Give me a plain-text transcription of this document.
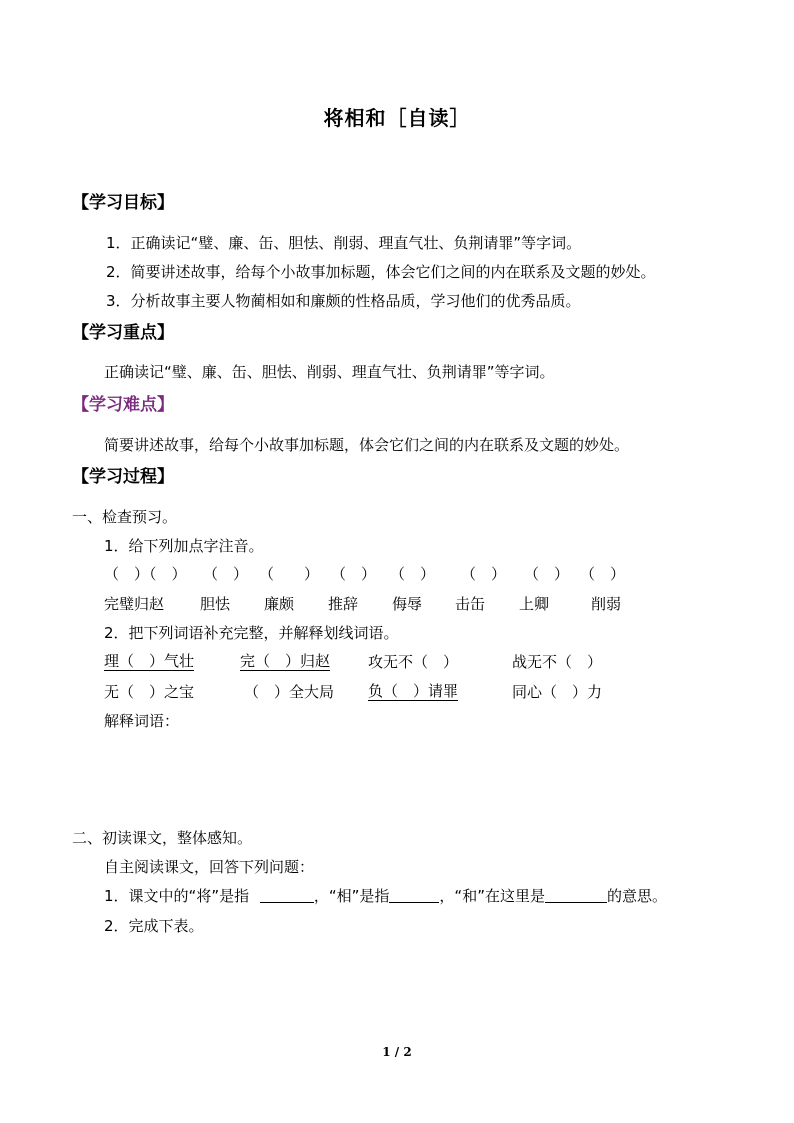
将相和［自读］
【学习目标】
1．正确读记“璧、廉、缶、胆怯、削弱、理直气壮、负荆请罪”等字词。
2．简要讲述故事，给每个小故事加标题，体会它们之间的内在联系及文题的妙处。
3．分析故事主要人物蔺相如和廉颇的性格品质，学习他们的优秀品质。
【学习重点】
正确读记“璧、廉、缶、胆怯、削弱、理直气壮、负荆请罪”等字词。
【学习难点】
简要讲述故事，给每个小故事加标题，体会它们之间的内在联系及文题的妙处。
【学习过程】
一、检查预习。
1．给下列加点字注音。
（　）（　） （　） （　　） （　） （　） （　） （　） （　）
完璧归赵 胆怯 廉颇 推辞 侮辱 击缶 上卿	削弱
2．把下列词语补充完整，并解释划线词语。
理（　）气壮	完（　）归赵	攻无不（　）	战无不（　）
无（　）之宝	（　）全大局 负（　）请罪	同心（　）力
解释词语：
二、初读课文，整体感知。
自主阅读课文，回答下列问题：
1．课文中的“将”是指	，“相”是指	，“和”在这里是	的意思。
2．完成下表。
1 / 2
